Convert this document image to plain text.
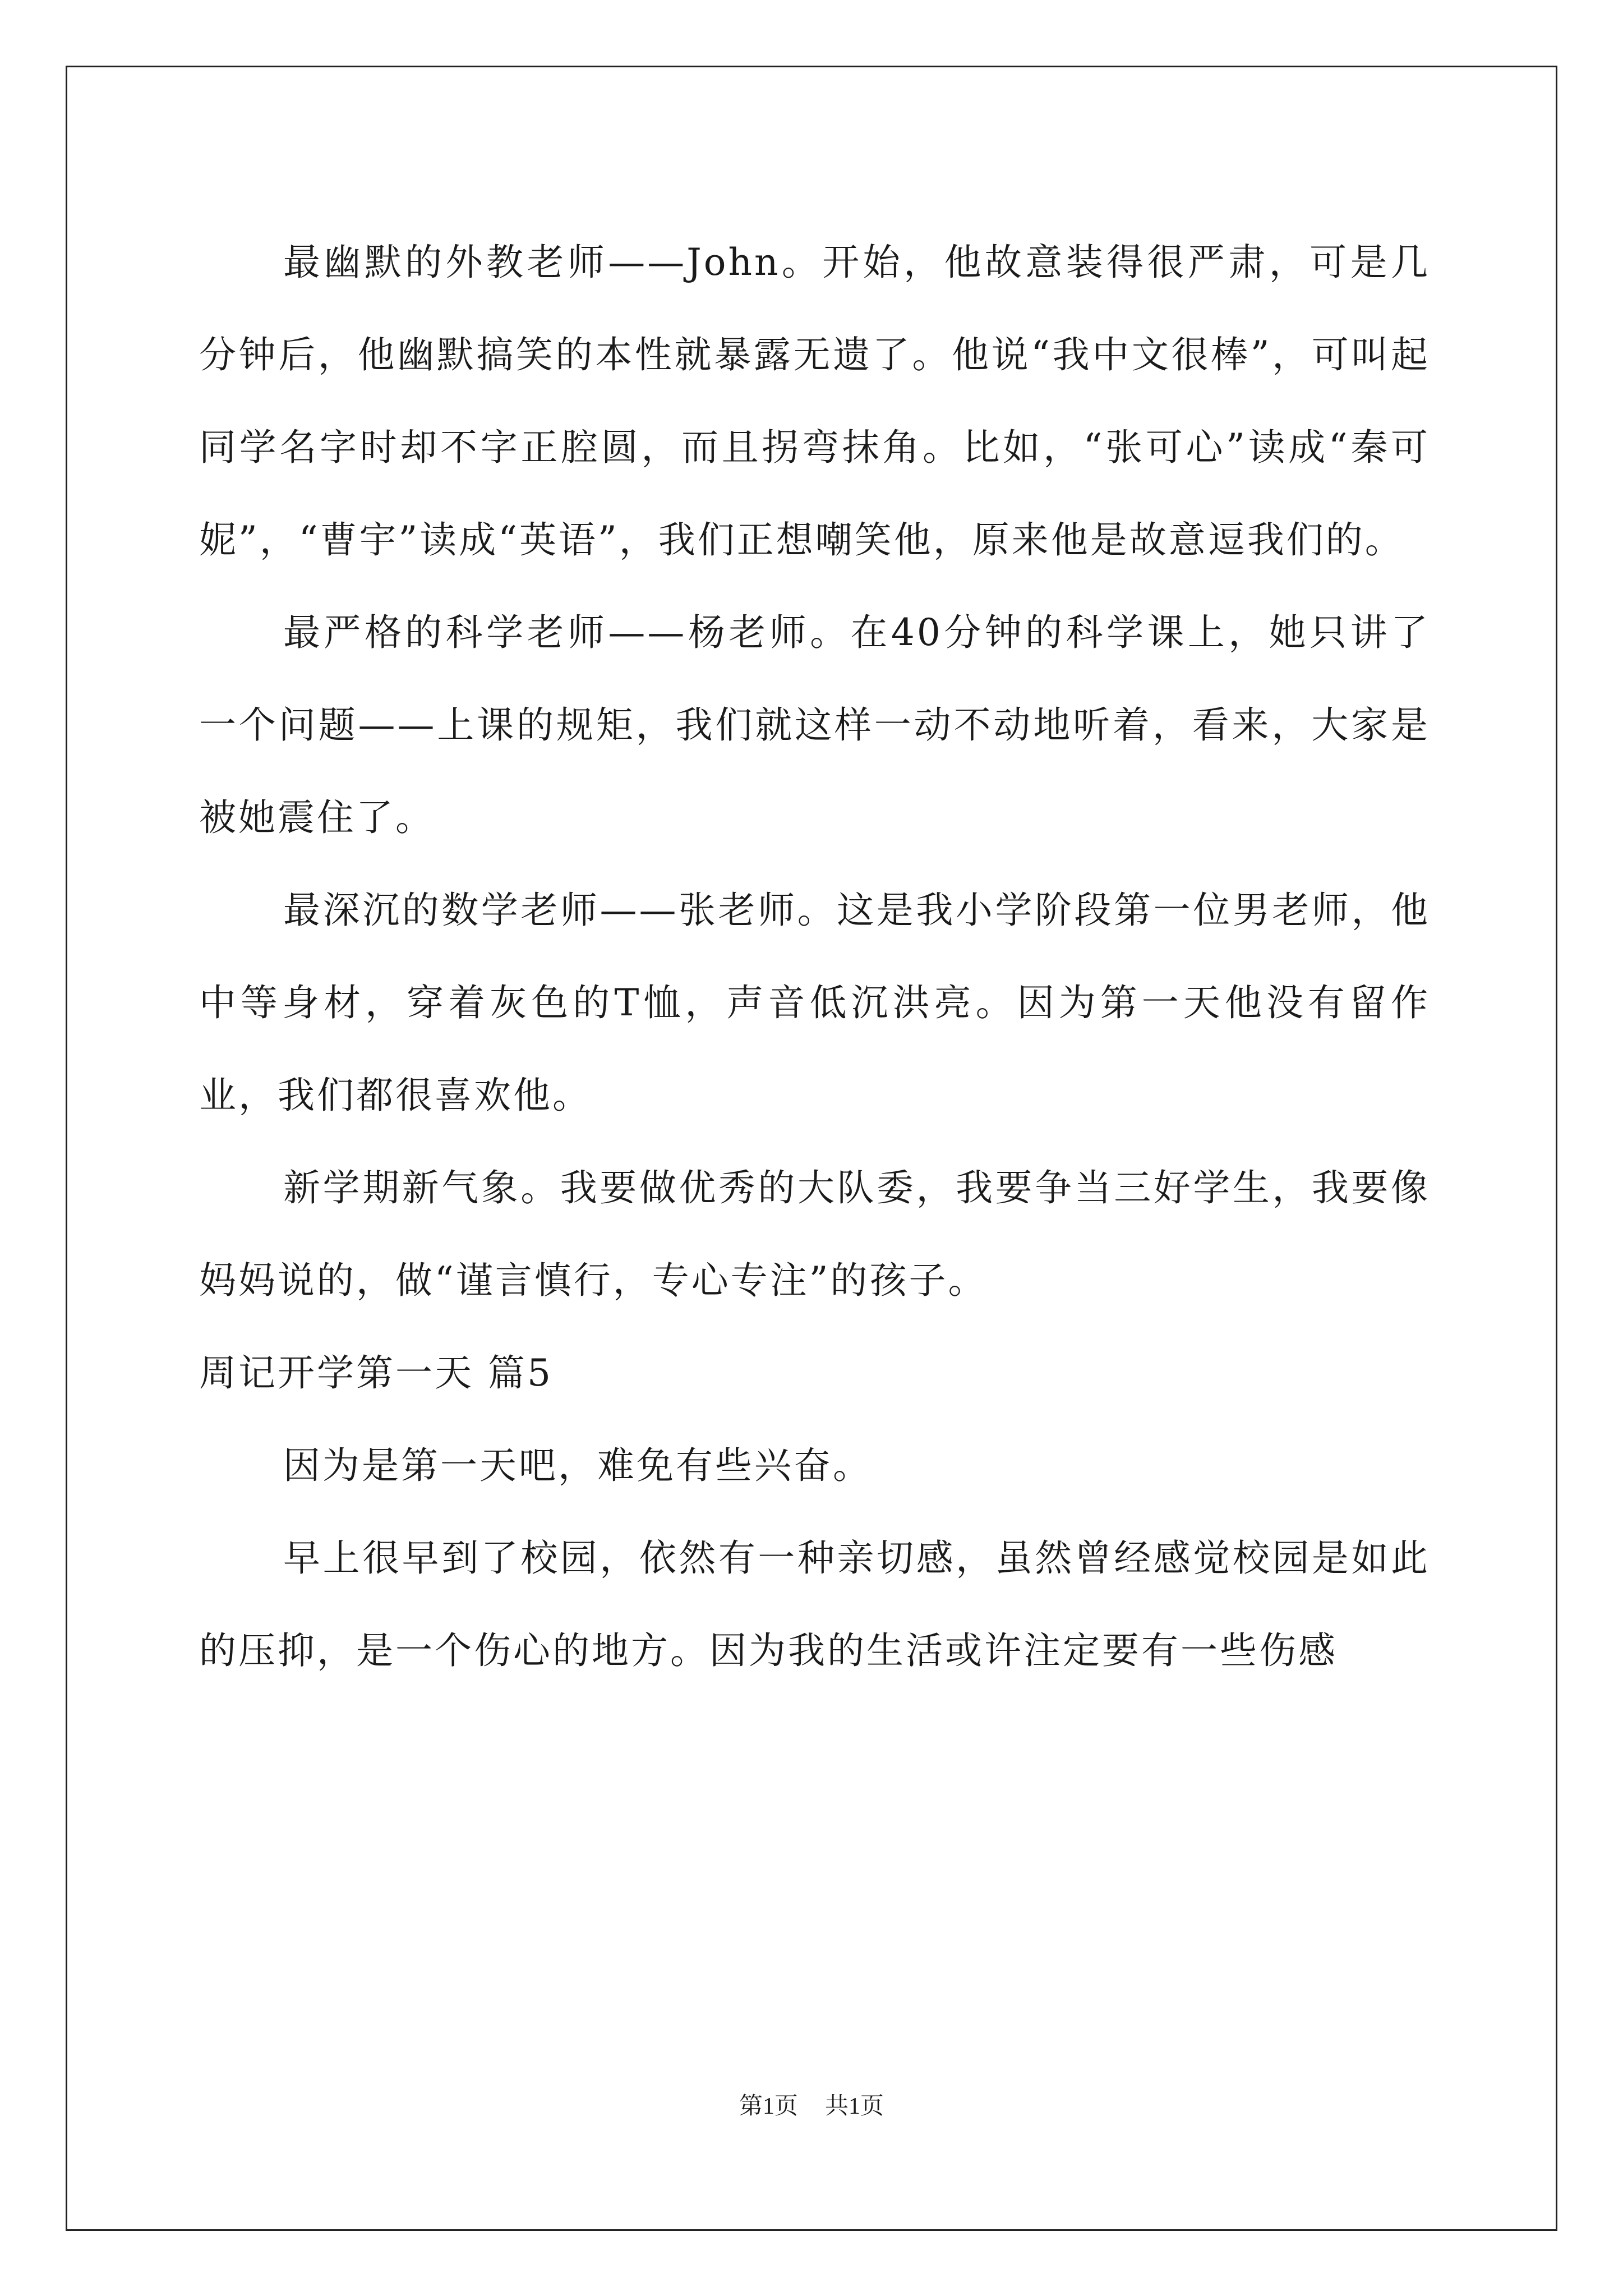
最幽默的外教老师——John。开始，他故意装得很严肃，可是几分钟后，他幽默搞笑的本性就暴露无遗了。他说“我中文很棒”，可叫起同学名字时却不字正腔圆，而且拐弯抹角。比如，“张可心”读成“秦可妮”，“曹宇”读成“英语”，我们正想嘲笑他，原来他是故意逗我们的。

最严格的科学老师——杨老师。在40分钟的科学课上，她只讲了一个问题——上课的规矩，我们就这样一动不动地听着，看来，大家是被她震住了。

最深沉的数学老师——张老师。这是我小学阶段第一位男老师，他中等身材，穿着灰色的T恤，声音低沉洪亮。因为第一天他没有留作业，我们都很喜欢他。

新学期新气象。我要做优秀的大队委，我要争当三好学生，我要像妈妈说的，做“谨言慎行，专心专注”的孩子。

周记开学第一天 篇5

因为是第一天吧，难免有些兴奋。

早上很早到了校园，依然有一种亲切感，虽然曾经感觉校园是如此的压抑，是一个伤心的地方。因为我的生活或许注定要有一些伤感

第1页 共1页
